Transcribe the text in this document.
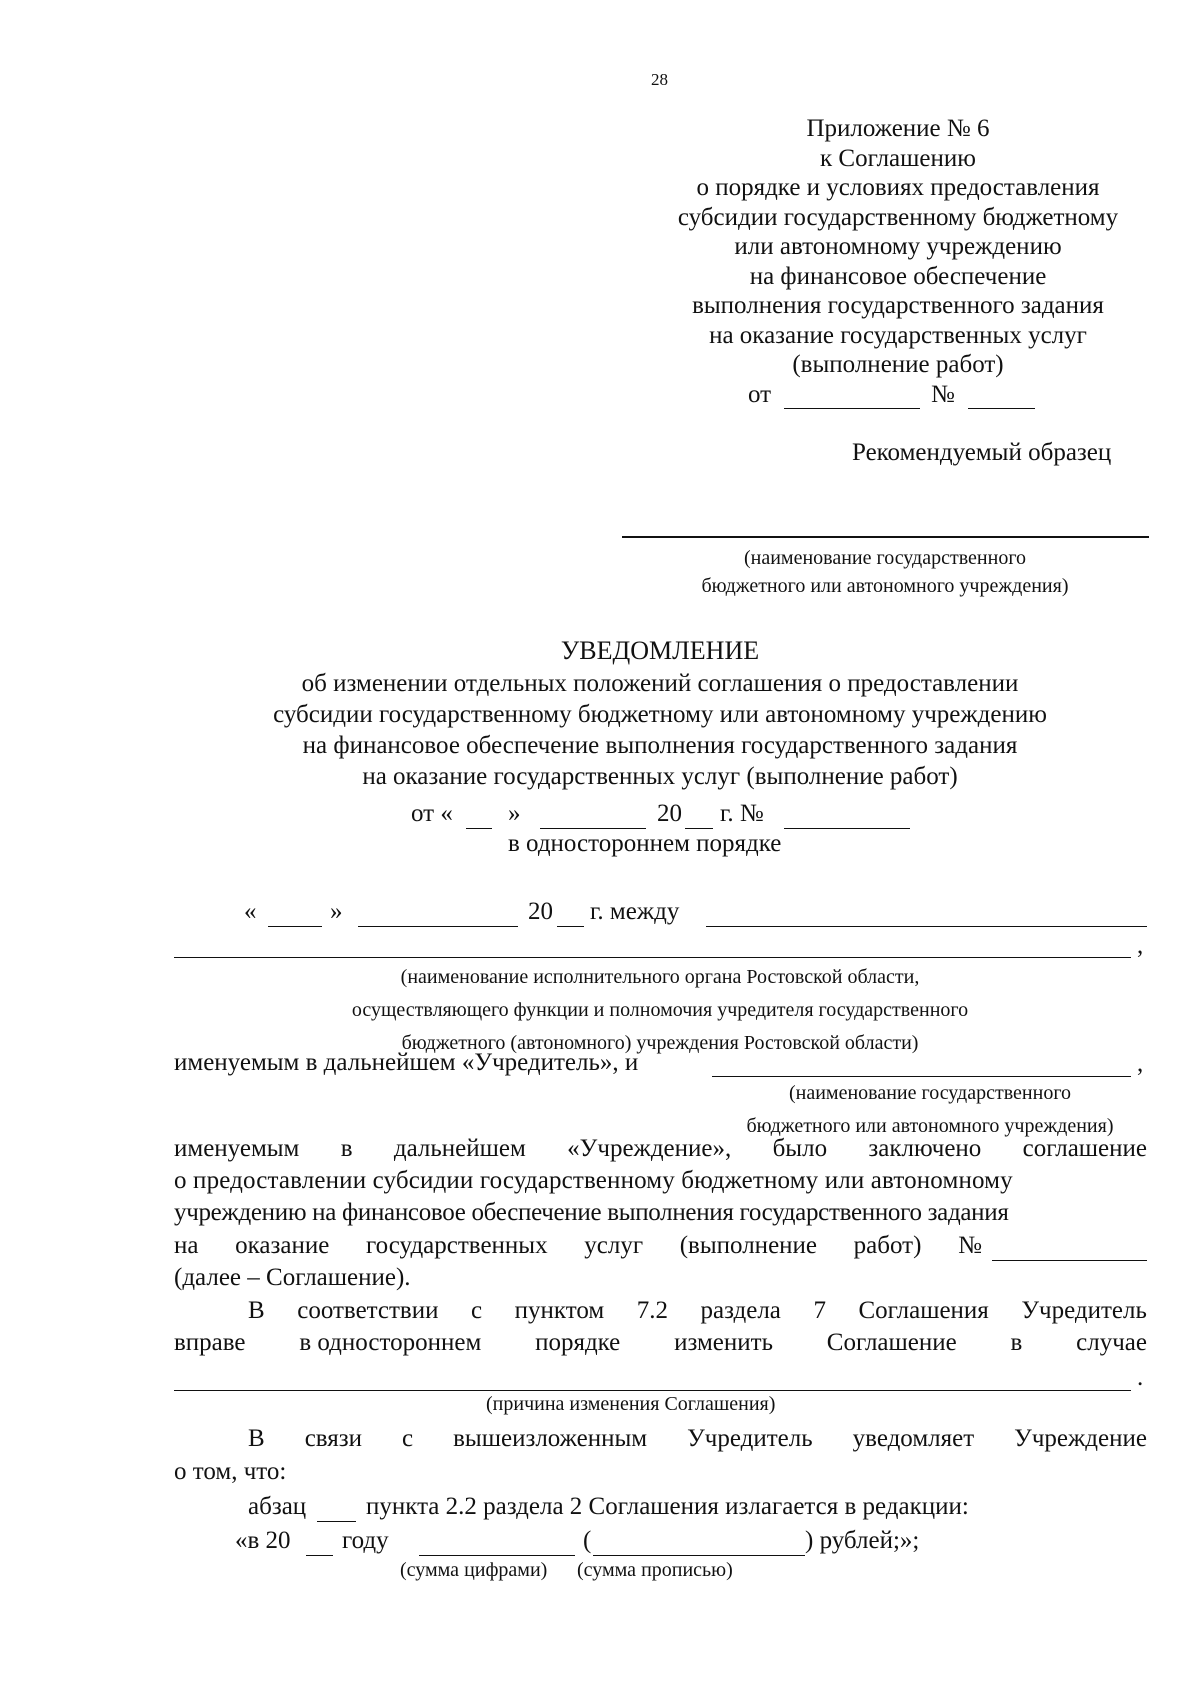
28
Приложение № 6
к Соглашению
о порядке и условиях предоставления
субсидии государственному бюджетному
или автономному учреждению
на финансовое обеспечение
выполнения государственного задания
на оказание государственных услуг
(выполнение работ)
от	№
Рекомендуемый образец
(наименование государственного
бюджетного или автономного учреждения)
УВЕДОМЛЕНИЕ
об изменении отдельных положений соглашения о предоставлении
субсидии государственному бюджетному или автономному учреждению
на финансовое обеспечение выполнения государственного задания
на оказание государственных услуг (выполнение работ)
от « »	20 г. №
в одностороннем порядке
«	»	20 г. между
,
(наименование исполнительного органа Ростовской области,
осуществляющего функции и полномочия учредителя государственного
бюджетного (автономного) учреждения Ростовской области)
именуемым в дальнейшем «Учредитель», и	,
(наименование государственного
бюджетного или автономного учреждения)
именуемым в дальнейшем «Учреждение», было заключено соглашение
о предоставлении субсидии государственному бюджетному или автономному
учреждению на финансовое обеспечение выполнения государственного задания
на оказание государственных услуг (выполнение работ) №
(далее – Соглашение).
В соответствии с пунктом 7.2 раздела 7 Соглашения Учредитель
вправе в одностороннем порядке изменить Соглашение в случае
.
(причина изменения Соглашения)
В связи с вышеизложенным Учредитель уведомляет Учреждение
о том, что:
абзац пункта 2.2 раздела 2 Соглашения излагается в редакции:
«в 20 году	(	) рублей;»;
(сумма цифрами) (сумма прописью)
